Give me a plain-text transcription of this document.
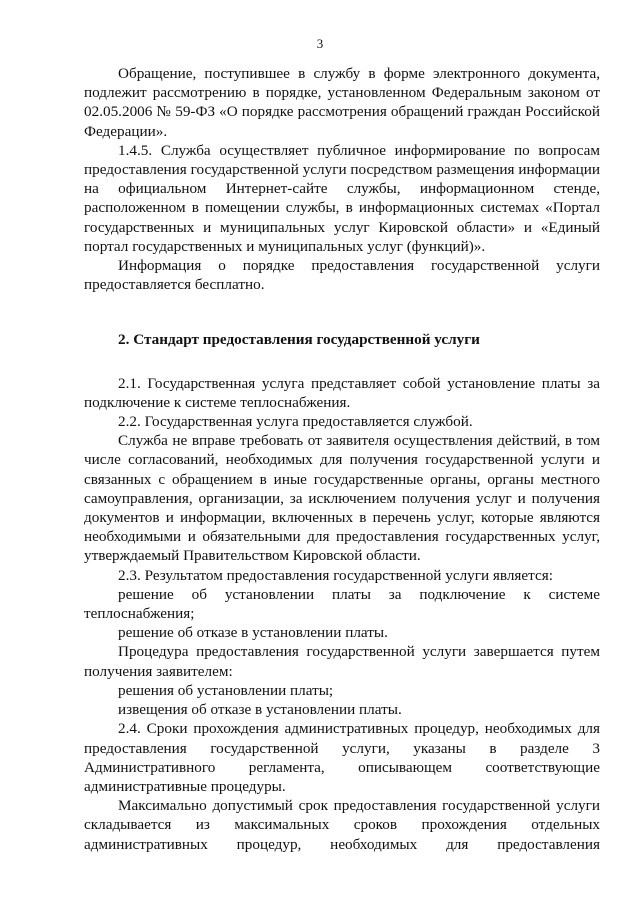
3

Обращение, поступившее в службу в форме электронного документа, подлежит рассмотрению в порядке, установленном Федеральным законом от 02.05.2006 № 59-ФЗ «О порядке рассмотрения обращений граждан Российской Федерации».

1.4.5. Служба осуществляет публичное информирование по вопросам предоставления государственной услуги посредством размещения информации на официальном Интернет-сайте службы, информационном стенде, расположенном в помещении службы, в информационных системах «Портал государственных и муниципальных услуг Кировской области» и «Единый портал государственных и муниципальных услуг (функций)».

Информация о порядке предоставления государственной услуги предоставляется бесплатно.

2. Стандарт предоставления государственной услуги

2.1. Государственная услуга представляет собой установление платы за подключение к системе теплоснабжения.

2.2. Государственная услуга предоставляется службой.

Служба не вправе требовать от заявителя осуществления действий, в том числе согласований, необходимых для получения государственной услуги и связанных с обращением в иные государственные органы, органы местного самоуправления, организации, за исключением получения услуг и получения документов и информации, включенных в перечень услуг, которые являются необходимыми и обязательными для предоставления государственных услуг, утверждаемый Правительством Кировской области.

2.3. Результатом предоставления государственной услуги является:

решение об установлении платы за подключение к системе теплоснабжения;

решение об отказе в установлении платы.

Процедура предоставления государственной услуги завершается путем получения заявителем:

решения об установлении платы;

извещения об отказе в установлении платы.

2.4. Сроки прохождения административных процедур, необходимых для предоставления государственной услуги, указаны в разделе 3 Административного регламента, описывающем соответствующие административные процедуры.

Максимально допустимый срок предоставления государственной услуги складывается из максимальных сроков прохождения отдельных административных процедур, необходимых для предоставления
